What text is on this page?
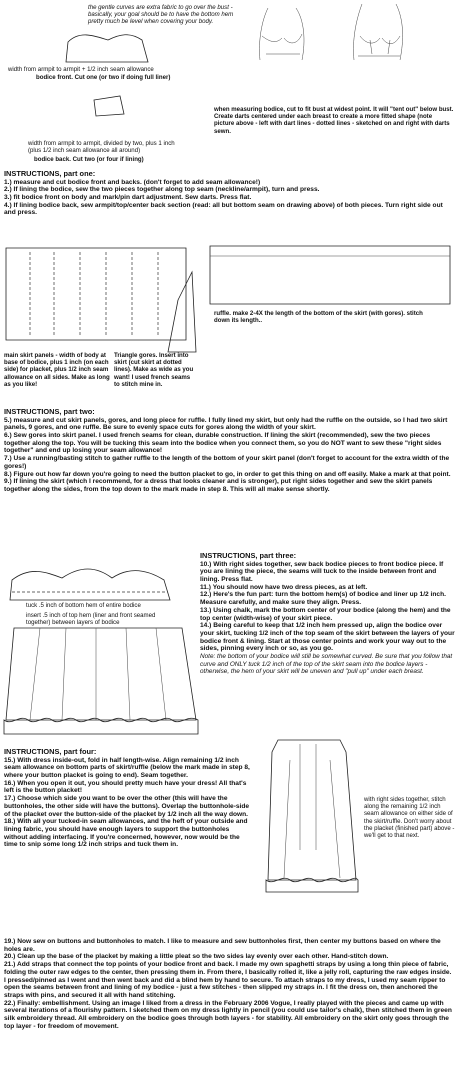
the gentle curves are extra fabric to go over the bust - basically, your goal should be to have the bottom hem pretty much be level when covering your body.
width from armpit to armpit + 1/2 inch seam allowance
bodice front. Cut one (or two if doing full liner)
width from armpit to armpit, divided by two, plus 1 inch (plus 1/2 inch seam allowance all around)
bodice back. Cut two (or four if lining)
when measuring bodice, cut to fit bust at widest point. It will "tent out" below bust. Create darts centered under each breast to create a more fitted shape (note picture above - left with dart lines - dotted lines - sketched on and right with darts sewn.
INSTRUCTIONS, part one:
1.) measure and cut bodice front and backs. (don't forget to add seam allowance!)
2.) If lining the bodice, sew the two pieces together along top seam (neckline/armpit), turn and press.
3.) fit bodice front on body and mark/pin dart adjustment. Sew darts. Press flat.
4.) If lining bodice back, sew armpit/top/center back section (read: all but bottom seam on drawing above) of both pieces. Turn right side out and press.
main skirt panels - width of body at base of bodice, plus 1 inch (on each side) for placket, plus 1/2 inch seam allowance on all sides. Make as long as you like!
Triangle gores. Insert into skirt (cut skirt at dotted lines). Make as wide as you want! I used french seams to stitch mine in.
ruffle. make 2-4X the length of the bottom of the skirt (with gores). stitch down its length..
INSTRUCTIONS, part two:
5.) measure and cut skirt panels, gores, and long piece for ruffle. I fully lined my skirt, but only had the ruffle on the outside, so I had two skirt panels, 9 gores, and one ruffle. Be sure to evenly space cuts for gores along the width of your skirt.
6.) Sew gores into skirt panel. I used french seams for clean, durable construction. If lining the skirt (recommended), sew the two pieces together along the top. You will be tucking this seam into the bodice when you connect them, so you do NOT want to sew these "right sides together" and end up losing your seam allowance!
7.) Use a running/basting stitch to gather ruffle to the length of the bottom of your skirt panel (don't forget to account for the extra width of the gores!)
8.) Figure out how far down you're going to need the button placket to go, in order to get this thing on and off easily. Make a mark at that point.
9.) If lining the skirt (which I recommend, for a dress that looks cleaner and is stronger), put right sides together and sew the skirt panels together along the sides, from the top down to the mark made in step 8. This will all make sense shortly.
tuck .5 inch of bottom hem of entire bodice
insert .5 inch of top hem (liner and front seamed together) between layers of bodice
INSTRUCTIONS, part three:
10.) With right sides together, sew back bodice pieces to front bodice piece. If you are lining the piece, the seams will tuck to the inside between front and lining. Press flat.
11.) You should now have two dress pieces, as at left.
12.) Here's the fun part: turn the bottom hem(s) of bodice and liner up 1/2 inch. Measure carefully, and make sure they align. Press.
13.) Using chalk, mark the bottom center of your bodice (along the hem) and the top center (width-wise) of your skirt piece.
14.) Being careful to keep that 1/2 inch hem pressed up, align the bodice over your skirt, tucking 1/2 inch of the top seam of the skirt between the layers of your bodice front & lining. Start at those center points and work your way out to the sides, pinning every inch or so, as you go.
Note: the bottom of your bodice will still be somewhat curved. Be sure that you follow that curve and ONLY tuck 1/2 inch of the top of the skirt seam into the bodice layers - otherwise, the hem of your skirt will be uneven and "pull up" under each breast.
INSTRUCTIONS, part four:
15.) With dress inside-out, fold in half length-wise. Align remaining 1/2 inch seam allowance on bottom parts of skirt/ruffle (below the mark made in step 8, where your button placket is going to end). Seam together.
16.) When you open it out, you should pretty much have your dress! All that's left is the button placket!
17.) Choose which side you want to be over the other (this will have the buttonholes, the other side will have the buttons). Overlap the buttonhole-side of the placket over the button-side of the placket by 1/2 inch all the way down.
18.) With all your tucked-in seam allowances, and the heft of your outside and lining fabric, you should have enough layers to support the buttonholes without adding interfacing. If you're concerned, however, now would be the time to snip some long 1/2 inch strips and tuck them in.
with right sides together, stitch along the remaining 1/2 inch seam allowance on either side of the skirt/ruffle. Don't worry about the placket (finished part) above - we'll get to that next.
19.) Now sew on buttons and buttonholes to match. I like to measure and sew buttonholes first, then center my buttons based on where the holes are.
20.) Clean up the base of the placket by making a little pleat so the two sides lay evenly over each other. Hand-stitch down.
21.) Add straps that connect the top points of your bodice front and back. I made my own spaghetti straps by using a long thin piece of fabric, folding the outer raw edges to the center, then pressing them in. From there, I basically rolled it, like a jelly roll, capturing the raw edges inside. I pressed/pinned as I went and then went back and did a blind hem by hand to secure. To attach straps to my dress, I used my seam ripper to open the seams between front and lining of my bodice - just a few stitches - then slipped my straps in. I fit the dress on, then anchored the straps with pins, and secured it all with hand stitching.
22.) Finally: embellishment. Using an image I liked from a dress in the February 2006 Vogue, I really played with the pieces and came up with several iterations of a flourishy pattern. I sketched them on my dress lightly in pencil (you could use tailor's chalk), then stitched them in green silk embroidery thread. All embroidery on the bodice goes through both layers - for stability. All embroidery on the skirt only goes through the top layer - for freedom of movement.
